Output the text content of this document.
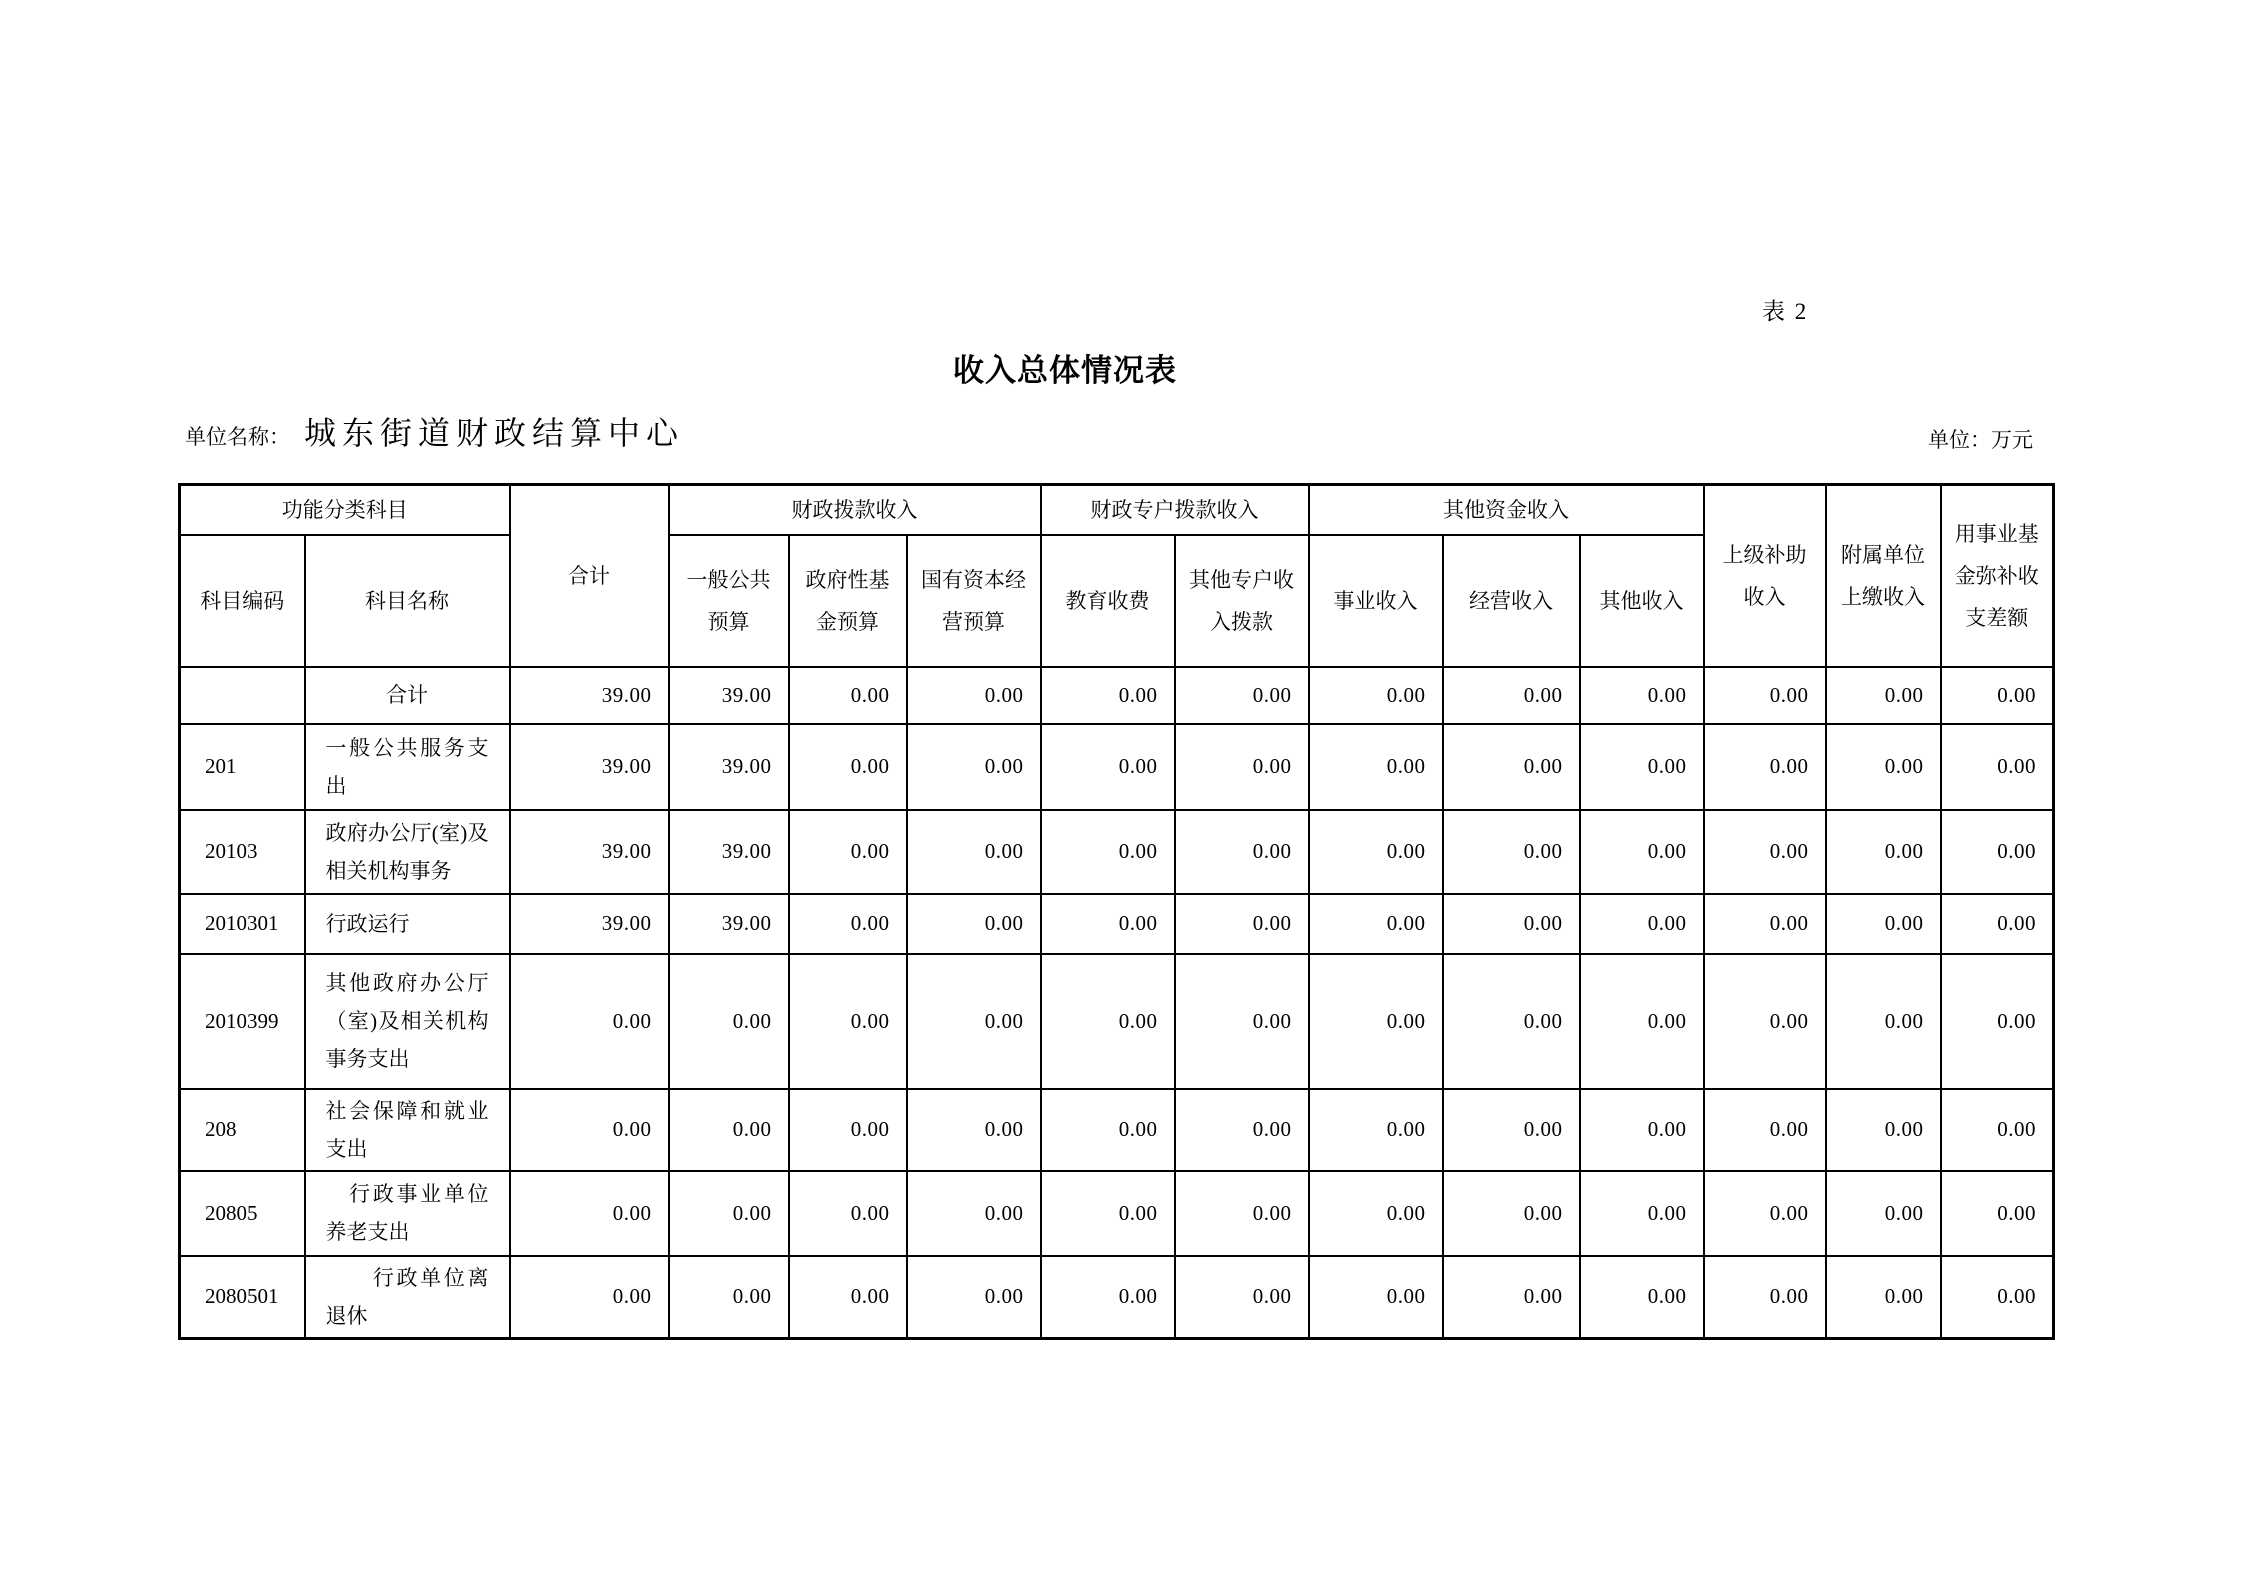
表 2
收入总体情况表
单位名称： 城东街道财政结算中心	单位：万元
功能分类科目		合计	财政拨款收入			财政专户拨款收入		其他资金收入			上级补助收入	附属单位上缴收入	用事业基金弥补收支差额
科目编码	科目名称		一般公共预算	政府性基金预算	国有资本经营预算	教育收费	其他专户收入拨款	事业收入	经营收入	其他收入			
	合计	39.00	39.00	0.00	0.00	0.00	0.00	0.00	0.00	0.00	0.00	0.00	0.00
201	一般公共服务支出	39.00	39.00	0.00	0.00	0.00	0.00	0.00	0.00	0.00	0.00	0.00	0.00
20103	政府办公厅(室)及相关机构事务	39.00	39.00	0.00	0.00	0.00	0.00	0.00	0.00	0.00	0.00	0.00	0.00
2010301	行政运行	39.00	39.00	0.00	0.00	0.00	0.00	0.00	0.00	0.00	0.00	0.00	0.00
2010399	其他政府办公厅（室)及相关机构事务支出	0.00	0.00	0.00	0.00	0.00	0.00	0.00	0.00	0.00	0.00	0.00	0.00
208	社会保障和就业支出	0.00	0.00	0.00	0.00	0.00	0.00	0.00	0.00	0.00	0.00	0.00	0.00
20805	　行政事业单位养老支出	0.00	0.00	0.00	0.00	0.00	0.00	0.00	0.00	0.00	0.00	0.00	0.00
2080501	　　行政单位离退休	0.00	0.00	0.00	0.00	0.00	0.00	0.00	0.00	0.00	0.00	0.00	0.00
